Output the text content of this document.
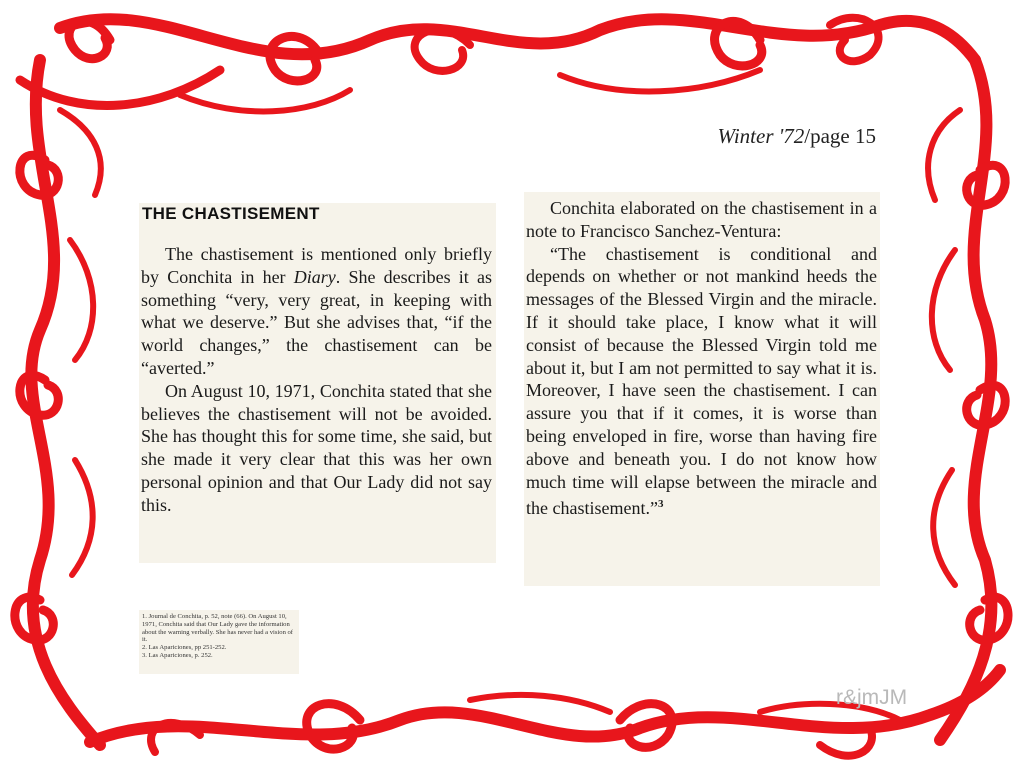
Winter '72/page 15
THE CHASTISEMENT

The chastisement is mentioned only briefly by Conchita in her Diary. She describes it as something “very, very great, in keeping with what we deserve.” But she advises that, “if the world changes,” the chastisement can be “averted.”

On August 10, 1971, Conchita stated that she believes the chastisement will not be avoided. She has thought this for some time, she said, but she made it very clear that this was her own personal opinion and that Our Lady did not say this.

Conchita elaborated on the chastisement in a note to Francisco Sanchez-Ventura:

“The chastisement is conditional and depends on whether or not mankind heeds the messages of the Blessed Virgin and the miracle. If it should take place, I know what it will consist of because the Blessed Virgin told me about it, but I am not permitted to say what it is. Moreover, I have seen the chastisement. I can assure you that if it comes, it is worse than being enveloped in fire, worse than having fire above and beneath you. I do not know how much time will elapse between the miracle and the chastisement.”$^3$

1. Journal de Conchita, p. 52, note (66). On August 10, 1971, Conchita said that Our Lady gave the information about the warning verbally. She has never had a vision of it.

2. Las Apariciones, pp 251-252.

3. Las Apariciones, p. 252.

r&jmJM
